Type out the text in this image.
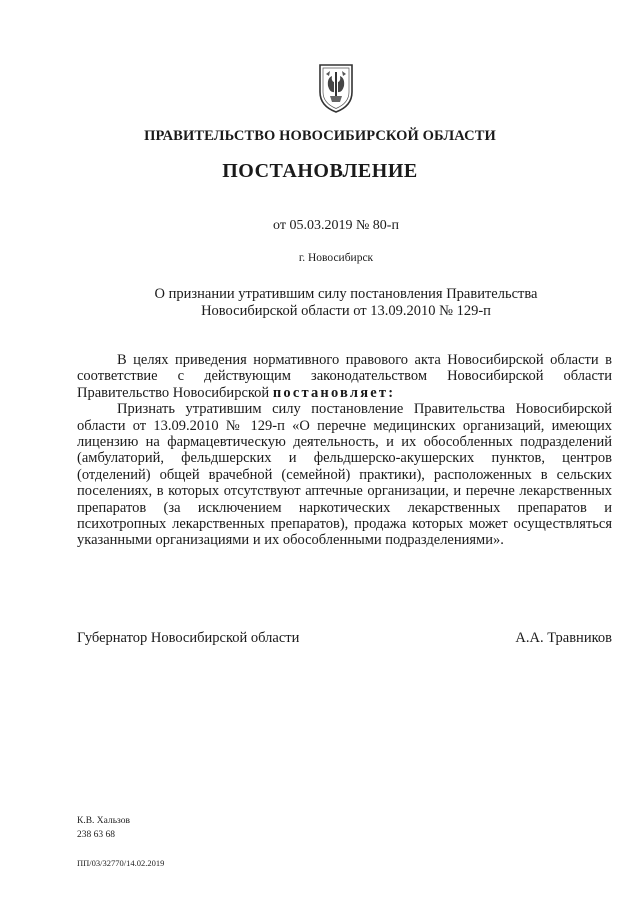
ПРАВИТЕЛЬСТВО НОВОСИБИРСКОЙ ОБЛАСТИ
ПОСТАНОВЛЕНИЕ
от 05.03.2019 № 80-п
г. Новосибирск
О признании утратившим силу постановления Правительства
Новосибирской области от 13.09.2010 № 129-п

В целях приведения нормативного правового акта Новосибирской области в соответствие с действующим законодательством Новосибирской области Правительство Новосибирской постановляет:

Признать утратившим силу постановление Правительства Новосибирской области от 13.09.2010 № 129-п «О перечне медицинских организаций, имеющих лицензию на фармацевтическую деятельность, и их обособленных подразделений (амбулаторий, фельдшерских и фельдшерско-акушерских пунктов, центров (отделений) общей врачебной (семейной) практики), расположенных в сельских поселениях, в которых отсутствуют аптечные организации, и перечне лекарственных препаратов (за исключением наркотических лекарственных препаратов и психотропных лекарственных препаратов), продажа которых может осуществляться указанными организациями и их обособленными подразделениями».

Губернатор Новосибирской области	А.А. Травников
К.В. Хальзов
238 63 68
ПП/03/32770/14.02.2019
